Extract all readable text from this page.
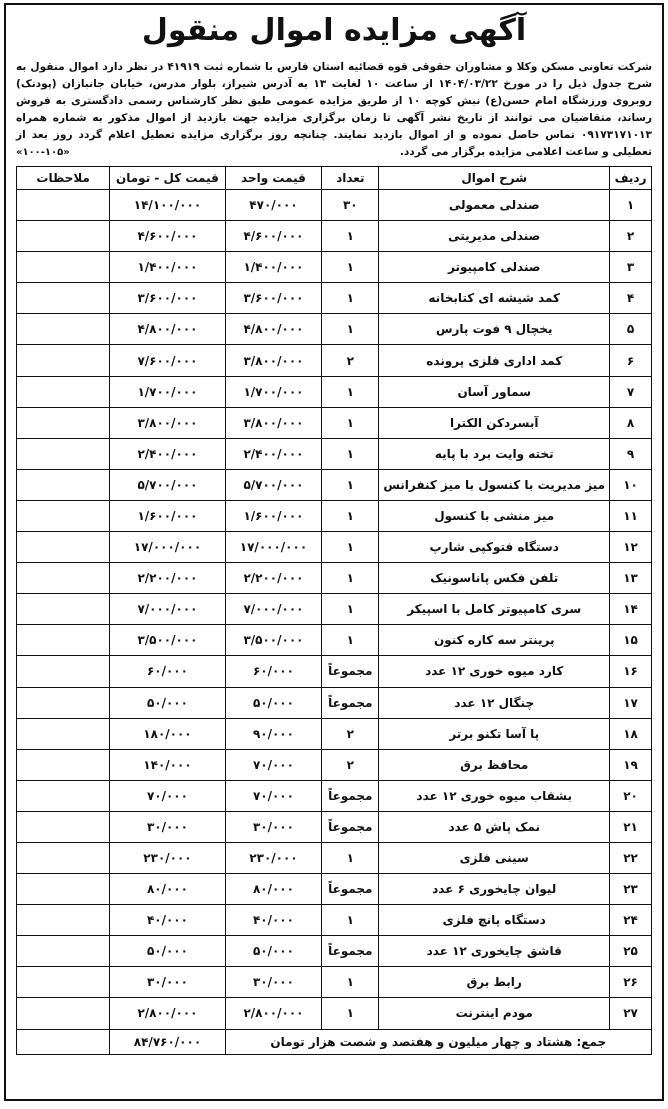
آگهی مزایده اموال منقول
شرکت تعاونی مسکن وکلا و مشاوران حقوقی قوه قضائیه استان فارس با شماره ثبت ۴۱۹۱۹ در نظر دارد اموال منقول به شرح جدول ذیل را در مورخ ۱۴۰۴/۰۳/۲۲ از ساعت ۱۰ لغایت ۱۳ به آدرس شیراز، بلوار مدرس، خیابان جانبازان (پودنک) روبروی ورزشگاه امام حسن(ع) نبش کوچه ۱۰ از طریق مزایده عمومی طبق نظر کارشناس رسمی دادگستری به فروش رساند، متقاضیان می توانند از تاریخ نشر آگهی تا زمان برگزاری مزایده جهت بازدید از اموال مذکور به شماره همراه ۰۹۱۷۳۱۷۱۰۱۳ تماس حاصل نموده و از اموال بازدید نمایند. چنانچه روز برگزاری مزایده تعطیل اعلام گردد روز بعد از تعطیلی و ساعت اعلامی مزایده برگزار می گردد.
«۱۰۰-۱۰۵»
ردیف	شرح اموال	تعداد	قیمت واحد	قیمت کل - تومان	ملاحظات
۱	صندلی معمولی	۳۰	۴۷۰/۰۰۰	۱۴/۱۰۰/۰۰۰	
۲	صندلی مدیریتی	۱	۴/۶۰۰/۰۰۰	۴/۶۰۰/۰۰۰	
۳	صندلی کامپیوتر	۱	۱/۴۰۰/۰۰۰	۱/۴۰۰/۰۰۰	
۴	کمد شیشه ای کتابخانه	۱	۳/۶۰۰/۰۰۰	۳/۶۰۰/۰۰۰	
۵	یخچال ۹ فوت پارس	۱	۴/۸۰۰/۰۰۰	۴/۸۰۰/۰۰۰	
۶	کمد اداری فلزی پرونده	۲	۳/۸۰۰/۰۰۰	۷/۶۰۰/۰۰۰	
۷	سماور آسان	۱	۱/۷۰۰/۰۰۰	۱/۷۰۰/۰۰۰	
۸	آبسردکن الکترا	۱	۳/۸۰۰/۰۰۰	۳/۸۰۰/۰۰۰	
۹	تخته وایت برد با پایه	۱	۲/۴۰۰/۰۰۰	۲/۴۰۰/۰۰۰	
۱۰	میز مدیریت با کنسول با میز کنفرانس	۱	۵/۷۰۰/۰۰۰	۵/۷۰۰/۰۰۰	
۱۱	میز منشی با کنسول	۱	۱/۶۰۰/۰۰۰	۱/۶۰۰/۰۰۰	
۱۲	دستگاه فتوکپی شارپ	۱	۱۷/۰۰۰/۰۰۰	۱۷/۰۰۰/۰۰۰	
۱۳	تلفن فکس پاناسونیک	۱	۲/۲۰۰/۰۰۰	۲/۲۰۰/۰۰۰	
۱۴	سری کامپیوتر کامل با اسپیکر	۱	۷/۰۰۰/۰۰۰	۷/۰۰۰/۰۰۰	
۱۵	پرینتر سه کاره کنون	۱	۳/۵۰۰/۰۰۰	۳/۵۰۰/۰۰۰	
۱۶	کارد میوه خوری ۱۲ عدد	مجموعاً	۶۰/۰۰۰	۶۰/۰۰۰	
۱۷	چنگال ۱۲ عدد	مجموعاً	۵۰/۰۰۰	۵۰/۰۰۰	
۱۸	پا آسا تکنو برتر	۲	۹۰/۰۰۰	۱۸۰/۰۰۰	
۱۹	محافظ برق	۲	۷۰/۰۰۰	۱۴۰/۰۰۰	
۲۰	بشقاب میوه خوری ۱۲ عدد	مجموعاً	۷۰/۰۰۰	۷۰/۰۰۰	
۲۱	نمک پاش ۵ عدد	مجموعاً	۳۰/۰۰۰	۳۰/۰۰۰	
۲۲	سینی فلزی	۱	۲۳۰/۰۰۰	۲۳۰/۰۰۰	
۲۳	لیوان چایخوری ۶ عدد	مجموعاً	۸۰/۰۰۰	۸۰/۰۰۰	
۲۴	دستگاه پانچ فلزی	۱	۴۰/۰۰۰	۴۰/۰۰۰	
۲۵	قاشق چایخوری ۱۲ عدد	مجموعاً	۵۰/۰۰۰	۵۰/۰۰۰	
۲۶	رابط برق	۱	۳۰/۰۰۰	۳۰/۰۰۰	
۲۷	مودم اینترنت	۱	۲/۸۰۰/۰۰۰	۲/۸۰۰/۰۰۰	
جمع: هشتاد و چهار میلیون و هفتصد و شصت هزار تومان				۸۴/۷۶۰/۰۰۰	
